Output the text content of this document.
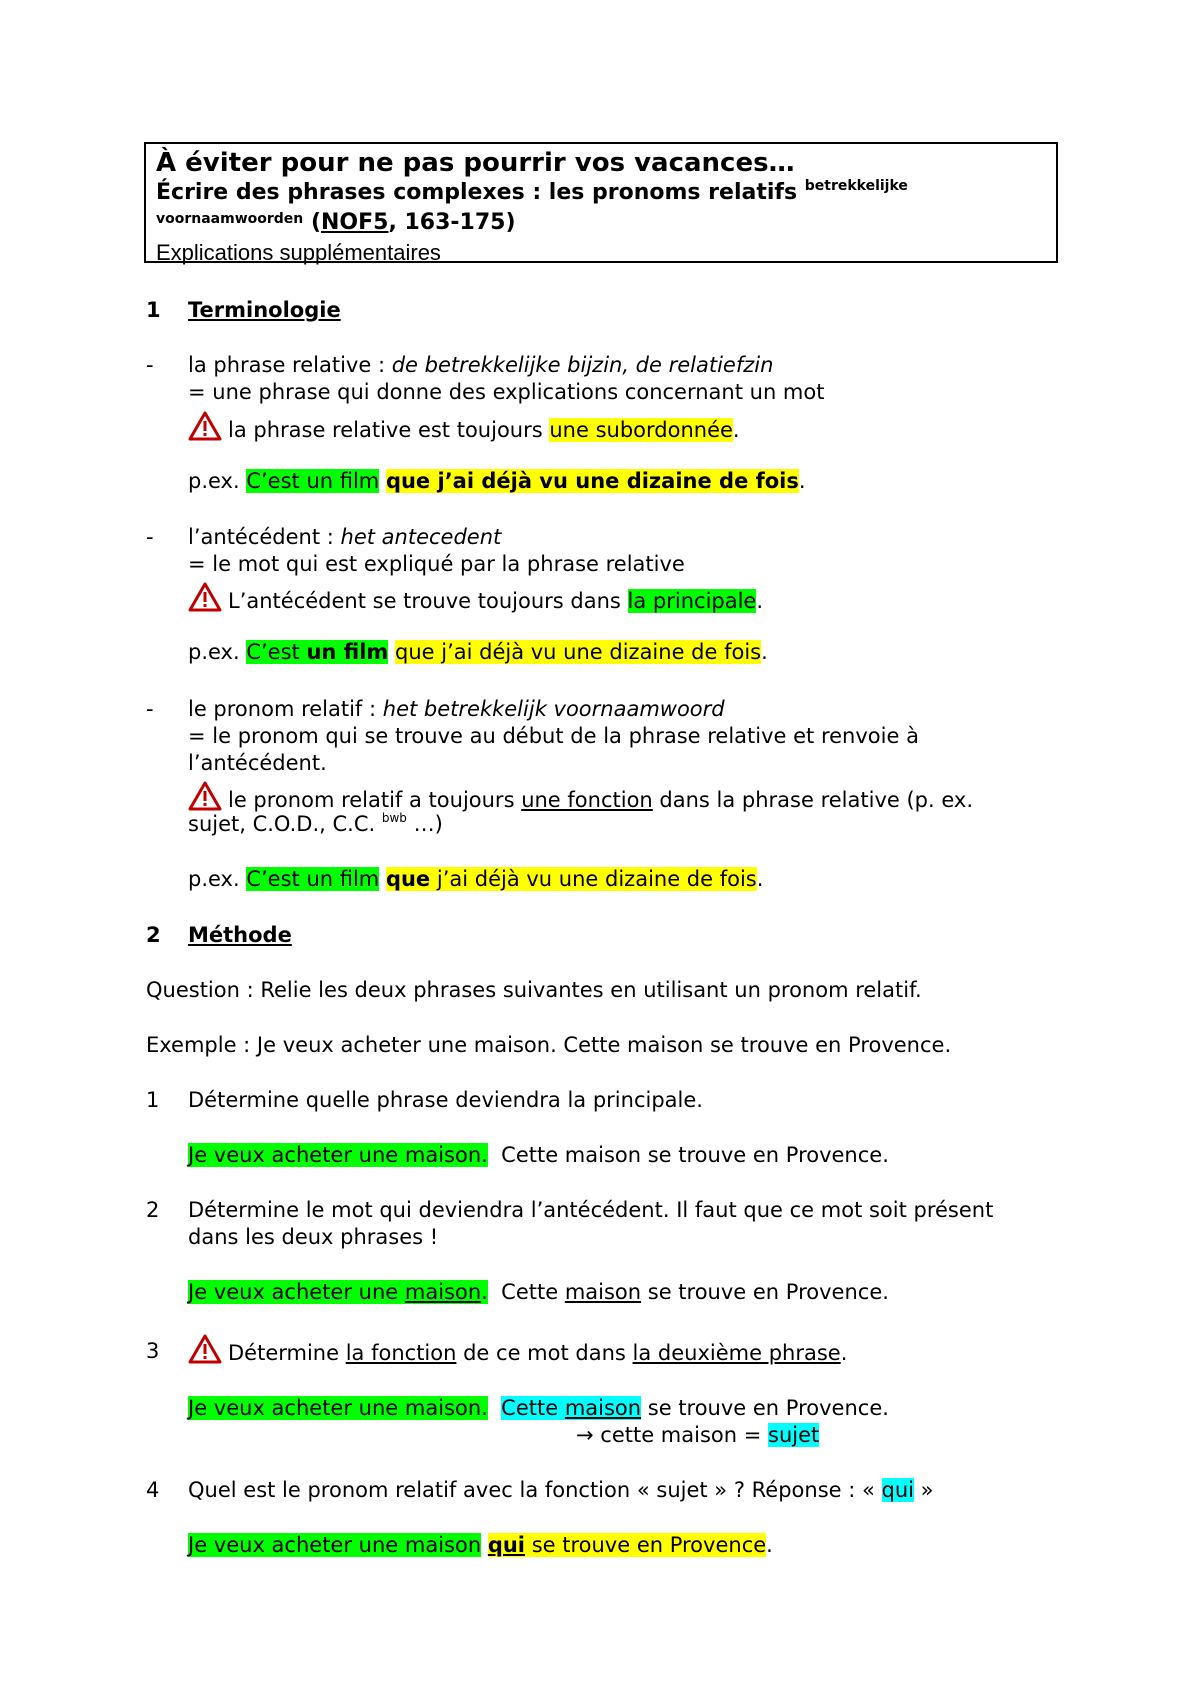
À éviter pour ne pas pourrir vos vacances…
Écrire des phrases complexes : les pronoms relatifs $^{betrekkelijke}$
$^{voornaamwoorden}$ (NOF5, 163-175)
Explications supplémentaires
1 Terminologie
- la phrase relative : de betrekkelijke bijzin, de relatiefzin
= une phrase qui donne des explications concernant un mot
la phrase relative est toujours une subordonnée.
p.ex. C’est un film que j’ai déjà vu une dizaine de fois.
- l’antécédent : het antecedent
= le mot qui est expliqué par la phrase relative
L’antécédent se trouve toujours dans la principale.
p.ex. C’est un film que j’ai déjà vu une dizaine de fois.
- le pronom relatif : het betrekkelijk voornaamwoord
= le pronom qui se trouve au début de la phrase relative et renvoie à
l’antécédent.
le pronom relatif a toujours une fonction dans la phrase relative (p. ex.
sujet, C.O.D., C.C. $^{bwb}$ …)
p.ex. C’est un film que j’ai déjà vu une dizaine de fois.
2 Méthode
Question : Relie les deux phrases suivantes en utilisant un pronom relatif.
Exemple : Je veux acheter une maison. Cette maison se trouve en Provence.
1 Détermine quelle phrase deviendra la principale.
Je veux acheter une maison.  Cette maison se trouve en Provence.
2 Détermine le mot qui deviendra l’antécédent. Il faut que ce mot soit présent
dans les deux phrases !
Je veux acheter une maison.  Cette maison se trouve en Provence.
3	Détermine la fonction de ce mot dans la deuxième phrase.
Je veux acheter une maison. Cette maison se trouve en Provence.
→ cette maison = sujet
4 Quel est le pronom relatif avec la fonction « sujet » ? Réponse : « qui »
Je veux acheter une maison qui se trouve en Provence.
